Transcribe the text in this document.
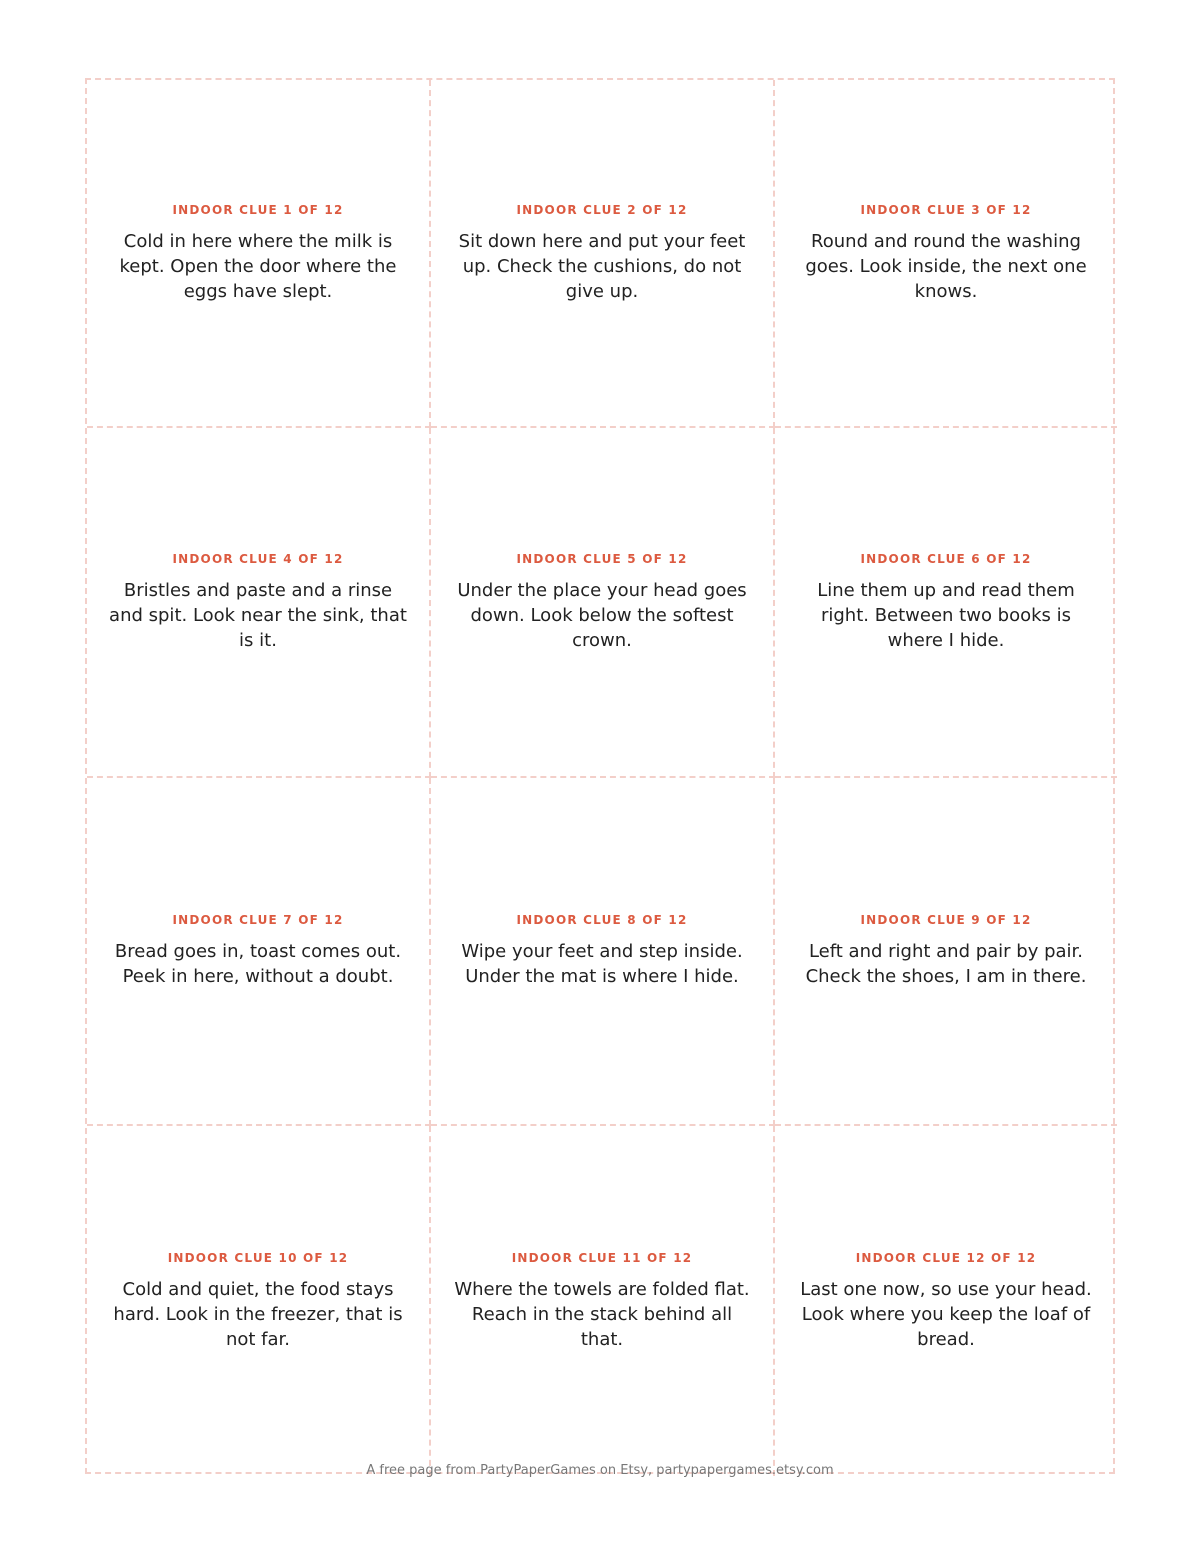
INDOOR CLUE 1 OF 12
Cold in here where the milk is kept. Open the door where the eggs have slept.
INDOOR CLUE 2 OF 12
Sit down here and put your feet up. Check the cushions, do not give up.
INDOOR CLUE 3 OF 12
Round and round the washing goes. Look inside, the next one knows.
INDOOR CLUE 4 OF 12
Bristles and paste and a rinse and spit. Look near the sink, that is it.
INDOOR CLUE 5 OF 12
Under the place your head goes down. Look below the softest crown.
INDOOR CLUE 6 OF 12
Line them up and read them right. Between two books is where I hide.
INDOOR CLUE 7 OF 12
Bread goes in, toast comes out. Peek in here, without a doubt.
INDOOR CLUE 8 OF 12
Wipe your feet and step inside. Under the mat is where I hide.
INDOOR CLUE 9 OF 12
Left and right and pair by pair. Check the shoes, I am in there.
INDOOR CLUE 10 OF 12
Cold and quiet, the food stays hard. Look in the freezer, that is not far.
INDOOR CLUE 11 OF 12
Where the towels are folded flat. Reach in the stack behind all that.
INDOOR CLUE 12 OF 12
Last one now, so use your head. Look where you keep the loaf of bread.
A free page from PartyPaperGames on Etsy, partypapergames.etsy.com
